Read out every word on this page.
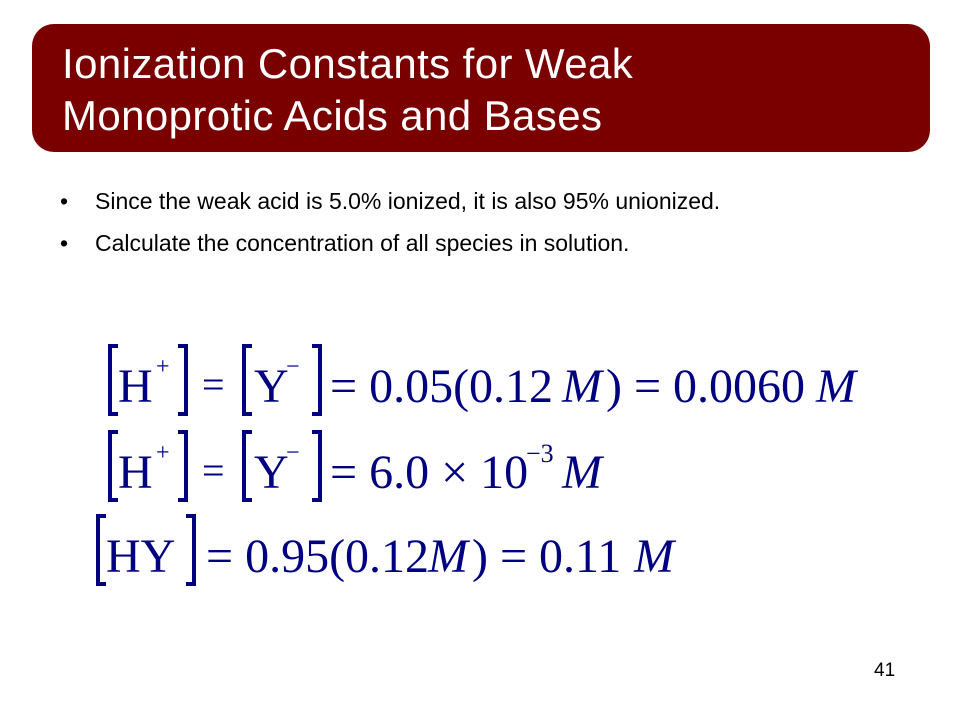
Ionization Constants for Weak
Monoprotic Acids and Bases
• Since the weak acid is 5.0% ionized, it is also 95% unionized.
• Calculate the concentration of all species in solution.
H + = Y
− = 0.05(0.12 M ) = 0.0060 M
H + = Y
− = 6.0 × 10
−3 M
HY = 0.95(0.12
M ) = 0.11 M
41
